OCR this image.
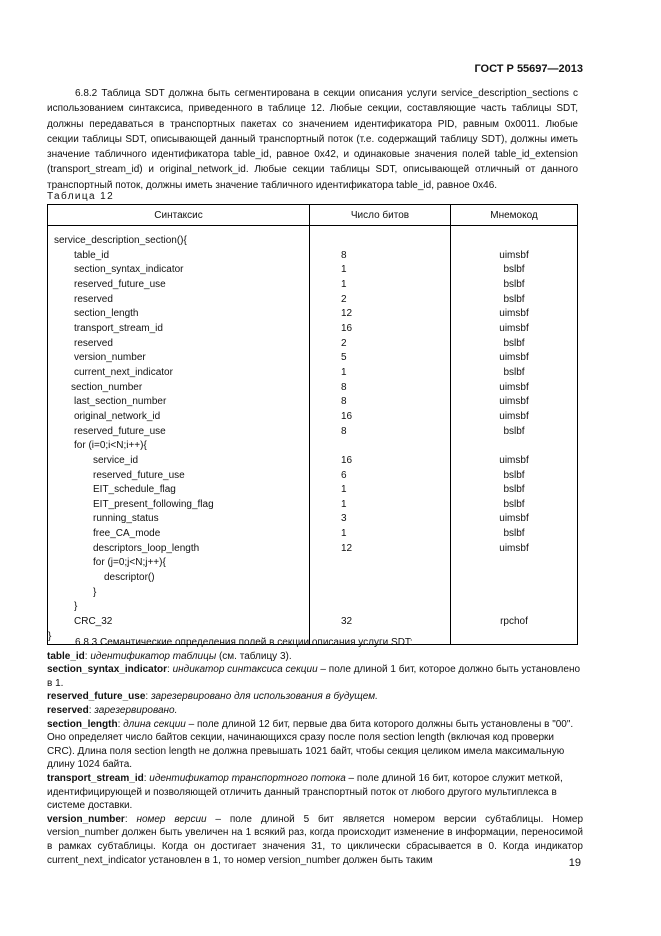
ГОСТ Р 55697—2013

6.8.2 Таблица SDT должна быть сегментирована в секции описания услуги service_description_sections с использованием синтаксиса, приведенного в таблице 12. Любые секции, составляющие часть таблицы SDT, должны передаваться в транспортных пакетах со значением идентификатора PID, равным 0x0011. Любые секции таблицы SDT, описывающей данный транспортный поток (т.е. содержащий таблицу SDT), должны иметь значение табличного идентификатора table_id, равное 0x42, и одинаковые значения полей table_id_extension (transport_stream_id) и original_network_id. Любые секции таблицы SDT, описывающей отличный от данного транспортный поток, должны иметь значение табличного идентификатора table_id, равное 0x46.

Таблица 12
Синтаксис	Число битов	Мнемокод

service_description_section(){		
table_id	8	uimsbf
section_syntax_indicator	1	bslbf
reserved_future_use	1	bslbf
reserved	2	bslbf
section_length	12	uimsbf
transport_stream_id	16	uimsbf
reserved	2	bslbf
version_number	5	uimsbf
current_next_indicator	1	bslbf
section_number	8	uimsbf
last_section_number	8	uimsbf
original_network_id	16	uimsbf
reserved_future_use	8	bslbf
for (i=0;i<N;i++){		
service_id	16	uimsbf
reserved_future_use	6	bslbf
EIT_schedule_flag	1	bslbf
EIT_present_following_flag	1	bslbf
running_status	3	uimsbf
free_CA_mode	1	bslbf
descriptors_loop_length	12	uimsbf
for (j=0;j<N;j++){		
descriptor()		
}		
}		
CRC_32	32	rpchof
}		

6.8.3 Семантические определения полей в секции описания услуги SDT:

table_id: идентификатор таблицы (см. таблицу 3).

section_syntax_indicator: индикатор синтаксиса секции – поле длиной 1 бит, которое должно быть установлено в 1.

reserved_future_use: зарезервировано для использования в будущем.

reserved: зарезервировано.

section_length: длина секции – поле длиной 12 бит, первые два бита которого должны быть установлены в "00". Оно определяет число байтов секции, начинающихся сразу после поля section length (включая код проверки CRC). Длина поля section length не должна превышать 1021 байт, чтобы секция целиком имела максимальную длину 1024 байта.

transport_stream_id: идентификатор транспортного потока – поле длиной 16 бит, которое служит меткой, идентифицирующей и позволяющей отличить данный транспортный поток от любого другого мультиплекса в системе доставки.

version_number: номер версии – поле длиной 5 бит является номером версии субтаблицы. Номер version_number должен быть увеличен на 1 всякий раз, когда происходит изменение в информации, переносимой в рамках субтаблицы. Когда он достигает значения 31, то циклически сбрасывается в 0. Когда индикатор current_next_indicator установлен в 1, то номер version_number должен быть таким	19
